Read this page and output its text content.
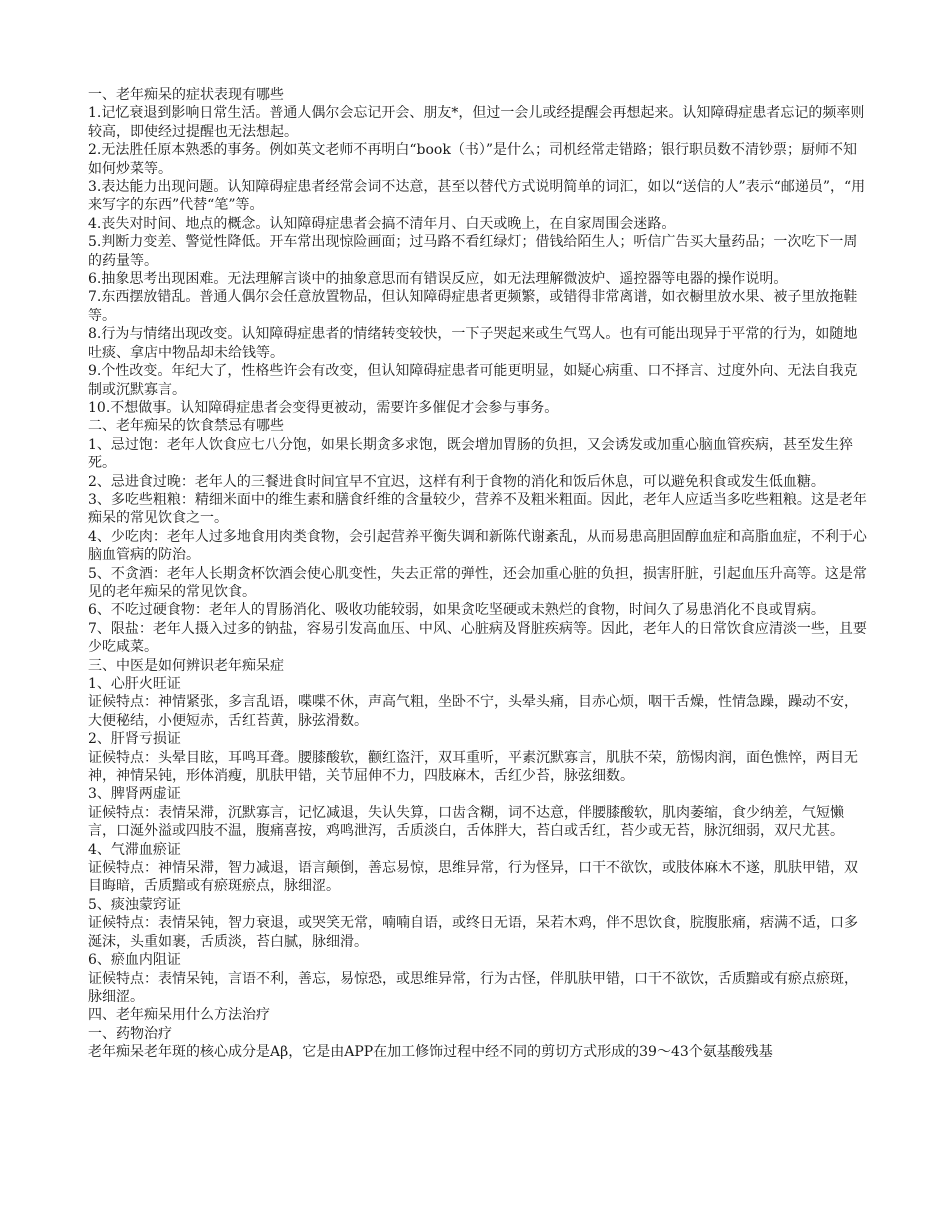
一、老年痴呆的症状表现有哪些

1.记忆衰退到影响日常生活。普通人偶尔会忘记开会、朋友*，但过一会儿或经提醒会再想起来。认知障碍症患者忘记的频率则较高，即使经过提醒也无法想起。

2.无法胜任原本熟悉的事务。例如英文老师不再明白“book（书）”是什么；司机经常走错路；银行职员数不清钞票；厨师不知如何炒菜等。

3.表达能力出现问题。认知障碍症患者经常会词不达意，甚至以替代方式说明简单的词汇，如以“送信的人”表示“邮递员”，“用来写字的东西”代替“笔”等。

4.丧失对时间、地点的概念。认知障碍症患者会搞不清年月、白天或晚上，在自家周围会迷路。

5.判断力变差、警觉性降低。开车常出现惊险画面；过马路不看红绿灯；借钱给陌生人；听信广告买大量药品；一次吃下一周的药量等。

6.抽象思考出现困难。无法理解言谈中的抽象意思而有错误反应，如无法理解微波炉、遥控器等电器的操作说明。

7.东西摆放错乱。普通人偶尔会任意放置物品，但认知障碍症患者更频繁，或错得非常离谱，如衣橱里放水果、被子里放拖鞋等。

8.行为与情绪出现改变。认知障碍症患者的情绪转变较快，一下子哭起来或生气骂人。也有可能出现异于平常的行为，如随地吐痰、拿店中物品却未给钱等。

9.个性改变。年纪大了，性格些许会有改变，但认知障碍症患者可能更明显，如疑心病重、口不择言、过度外向、无法自我克制或沉默寡言。

10.不想做事。认知障碍症患者会变得更被动，需要许多催促才会参与事务。

二、老年痴呆的饮食禁忌有哪些

1、忌过饱：老年人饮食应七八分饱，如果长期贪多求饱，既会增加胃肠的负担，又会诱发或加重心脑血管疾病，甚至发生猝死。

2、忌进食过晚：老年人的三餐进食时间宜早不宜迟，这样有利于食物的消化和饭后休息，可以避免积食或发生低血糖。

3、多吃些粗粮：精细米面中的维生素和膳食纤维的含量较少，营养不及粗米粗面。因此，老年人应适当多吃些粗粮。这是老年痴呆的常见饮食之一。

4、少吃肉：老年人过多地食用肉类食物，会引起营养平衡失调和新陈代谢紊乱，从而易患高胆固醇血症和高脂血症，不利于心脑血管病的防治。

5、不贪酒：老年人长期贪杯饮酒会使心肌变性，失去正常的弹性，还会加重心脏的负担，损害肝脏，引起血压升高等。这是常见的老年痴呆的常见饮食。

6、不吃过硬食物：老年人的胃肠消化、吸收功能较弱，如果贪吃坚硬或未熟烂的食物，时间久了易患消化不良或胃病。

7、限盐：老年人摄入过多的钠盐，容易引发高血压、中风、心脏病及肾脏疾病等。因此，老年人的日常饮食应清淡一些，且要少吃咸菜。

三、中医是如何辨识老年痴呆症

1、心肝火旺证

证候特点：神情紧张，多言乱语，喋喋不休，声高气粗，坐卧不宁，头晕头痛，目赤心烦，咽干舌燥，性情急躁，躁动不安，大便秘结，小便短赤，舌红苔黄，脉弦滑数。

2、肝肾亏损证

证候特点：头晕目眩，耳鸣耳聋。腰膝酸软，颧红盗汗，双耳重听，平素沉默寡言，肌肤不荣，筋惕肉润，面色憔悴，两目无神，神情呆钝，形体消瘦，肌肤甲错，关节屈伸不力，四肢麻木，舌红少苔，脉弦细数。

3、脾肾两虚证

证候特点：表情呆滞，沉默寡言，记忆减退，失认失算，口齿含糊，词不达意，伴腰膝酸软，肌肉萎缩，食少纳差，气短懒言，口涎外溢或四肢不温，腹痛喜按，鸡鸣泄泻，舌质淡白，舌体胖大，苔白或舌红，苔少或无苔，脉沉细弱，双尺尤甚。

4、气滞血瘀证

证候特点：神情呆滞，智力减退，语言颠倒，善忘易惊，思维异常，行为怪异，口干不欲饮，或肢体麻木不遂，肌肤甲错，双目晦暗，舌质黯或有瘀斑瘀点，脉细涩。

5、痰浊蒙窍证

证候特点：表情呆钝，智力衰退，或哭笑无常，喃喃自语，或终日无语，呆若木鸡，伴不思饮食，脘腹胀痛，痞满不适，口多涎沫，头重如裹，舌质淡，苔白腻，脉细滑。

6、瘀血内阻证

证候特点：表情呆钝，言语不利，善忘，易惊恐，或思维异常，行为古怪，伴肌肤甲错，口干不欲饮，舌质黯或有瘀点瘀斑，脉细涩。

四、老年痴呆用什么方法治疗

一、药物治疗

老年痴呆老年斑的核心成分是Aβ，它是由APP在加工修饰过程中经不同的剪切方式形成的39～43个氨基酸残基
